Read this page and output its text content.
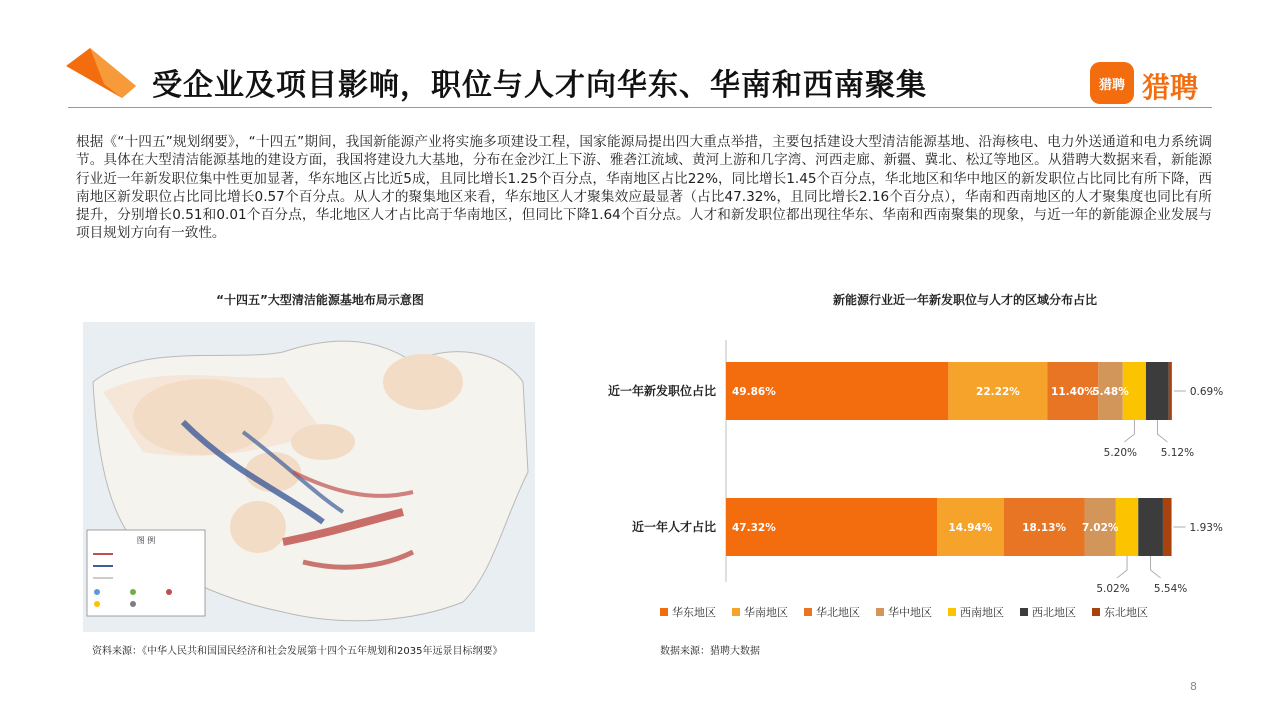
受企业及项目影响，职位与人才向华东、华南和西南聚集	猎聘 猎聘
根据《“十四五”规划纲要》，“十四五”期间，我国新能源产业将实施多项建设工程，国家能源局提出四大重点举措，主要包括建设大型清洁能源基地、沿海核电、电力外送通道和电力系统调节。具体在大型清洁能源基地的建设方面，我国将建设九大基地，分布在金沙江上下游、雅砻江流域、黄河上游和几字湾、河西走廊、新疆、冀北、松辽等地区。从猎聘大数据来看，新能源行业近一年新发职位集中性更加显著，华东地区占比近5成，且同比增长1.25个百分点，华南地区占比22%，同比增长1.45个百分点，华北地区和华中地区的新发职位占比同比有所下降，西南地区新发职位占比同比增长0.57个百分点。从人才的聚集地区来看，华东地区人才聚集效应最显著（占比47.32%，且同比增长2.16个百分点），华南和西南地区的人才聚集度也同比有所提升，分别增长0.51和0.01个百分点，华北地区人才占比高于华南地区，但同比下降1.64个百分点。人才和新发职位都出现往华东、华南和西南聚集的现象，与近一年的新能源企业发展与项目规划方向有一致性。
“十四五”大型清洁能源基地布局示意图	新能源行业近一年新发职位与人才的区域分布占比
图 例
资料来源：《中华人民共和国国民经济和社会发展第十四个五年规划和2035年远景目标纲要》
近一年新发职位占比 49.86%	22.22%	11.40%
5.48%
5.20% 5.12%
0.69%
近一年人才占比 47.32%	14.94%	18.13% 7.02%
5.02% 5.54%
1.93%
华东地区	华南地区	华北地区	华中地区	西南地区	西北地区	东北地区
数据来源：猎聘大数据
8
